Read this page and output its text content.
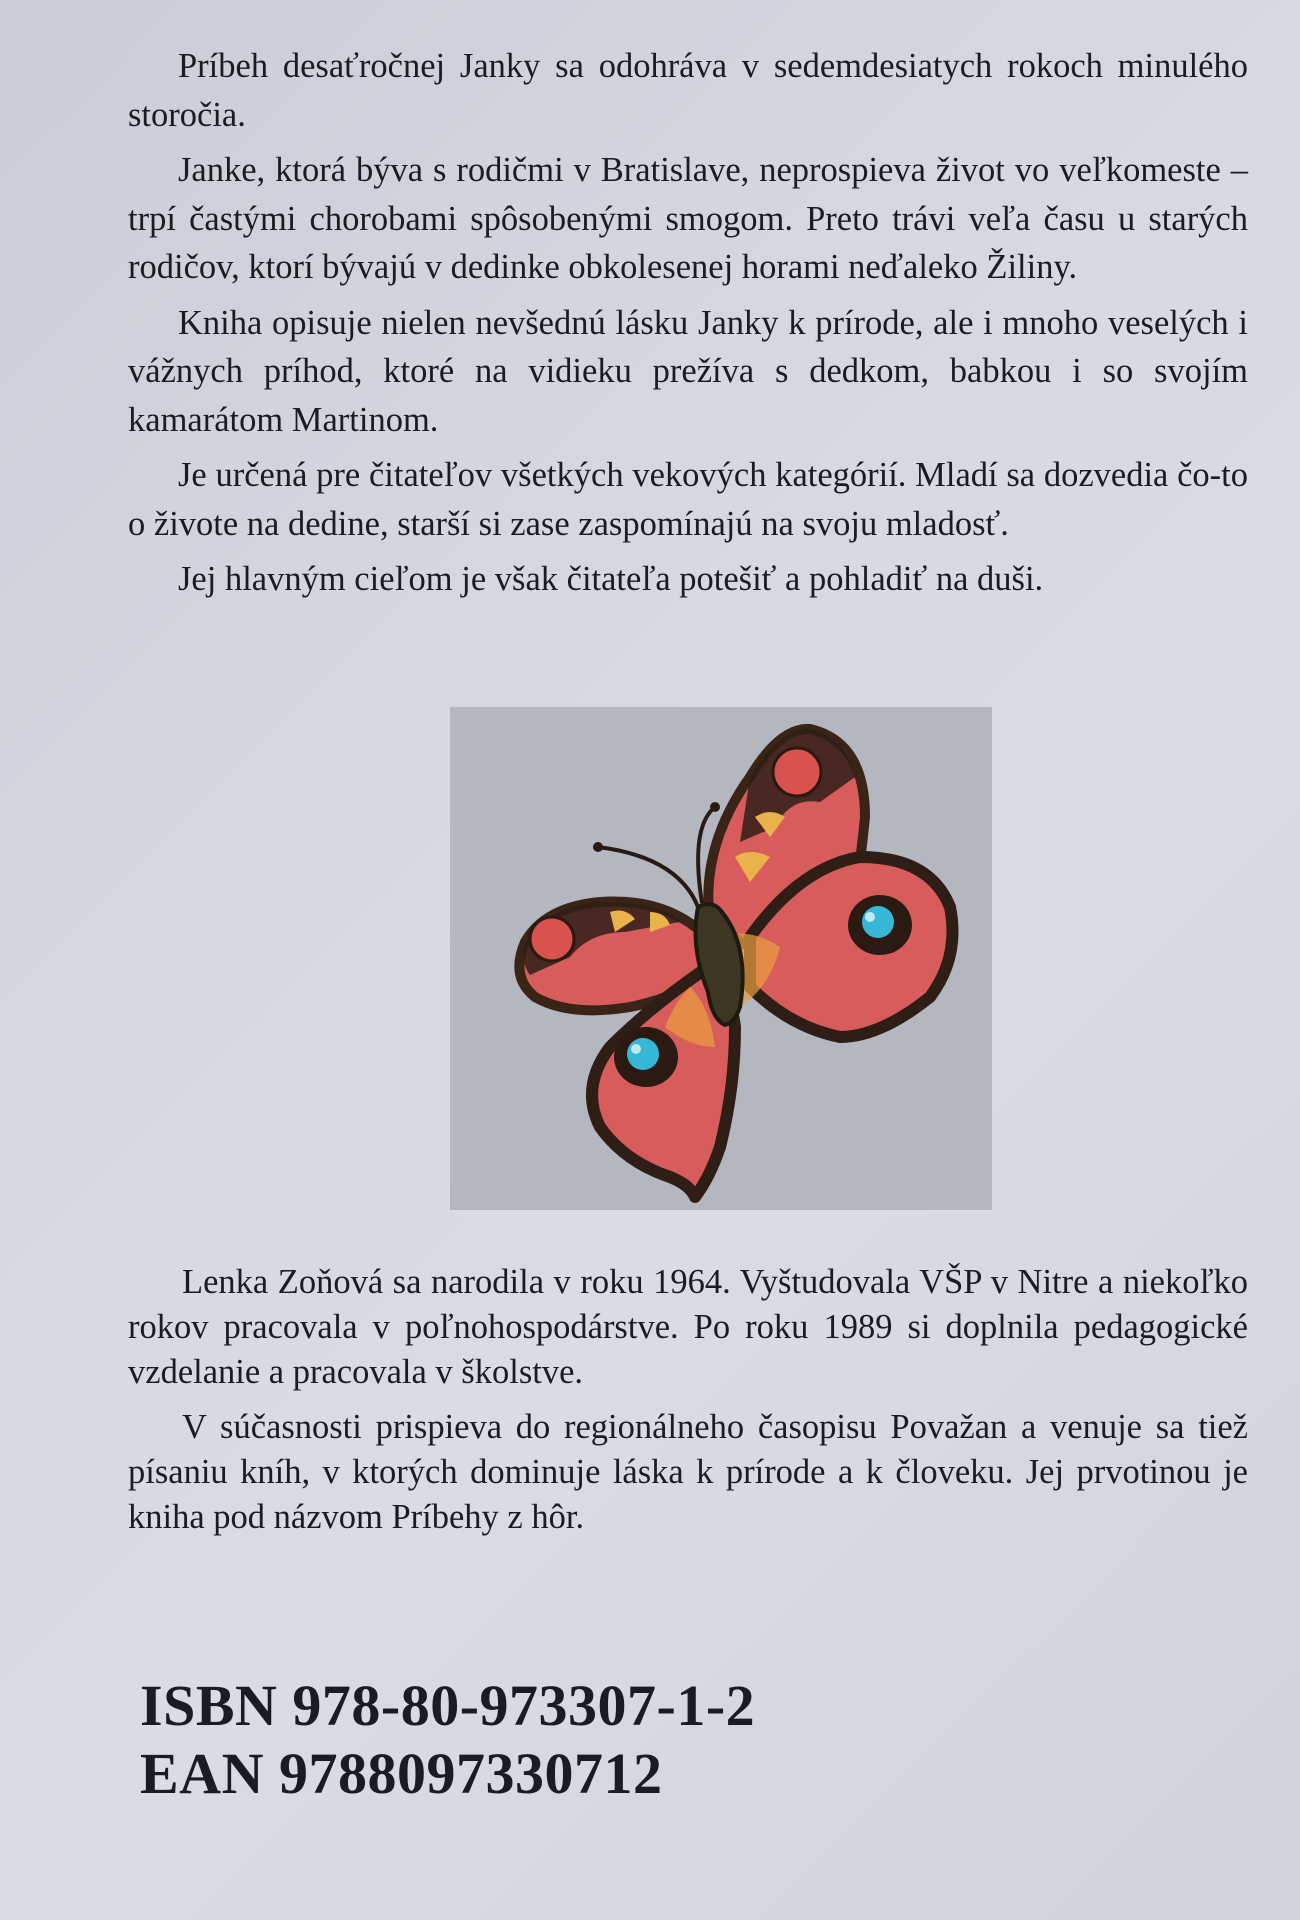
Príbeh desaťročnej Janky sa odohráva v sedemdesiatych rokoch minulého storočia.

Janke, ktorá býva s rodičmi v Bratislave, neprospieva život vo veľkomeste – trpí častými chorobami spôsobenými smogom. Preto trávi veľa času u starých rodičov, ktorí bývajú v dedinke obkolesenej horami neďaleko Žiliny.

Kniha opisuje nielen nevšednú lásku Janky k prírode, ale i mnoho veselých i vážnych príhod, ktoré na vidieku prežíva s dedkom, babkou i so svojím kamarátom Martinom.

Je určená pre čitateľov všetkých vekových kategórií. Mladí sa dozvedia čo-to o živote na dedine, starší si zase zaspomínajú na svoju mladosť.

Jej hlavným cieľom je však čitateľa potešiť a pohladiť na duši.

Lenka Zoňová sa narodila v roku 1964. Vyštudovala VŠP v Nitre a niekoľko rokov pracovala v poľnohospodárstve. Po roku 1989 si doplnila pedagogické vzdelanie a pracovala v školstve.

V súčasnosti prispieva do regionálneho časopisu Považan a venuje sa tiež písaniu kníh, v ktorých dominuje láska k prírode a k človeku. Jej prvotinou je kniha pod názvom Príbehy z hôr.

ISBN 978-80-973307-1-2
EAN 9788097330712
